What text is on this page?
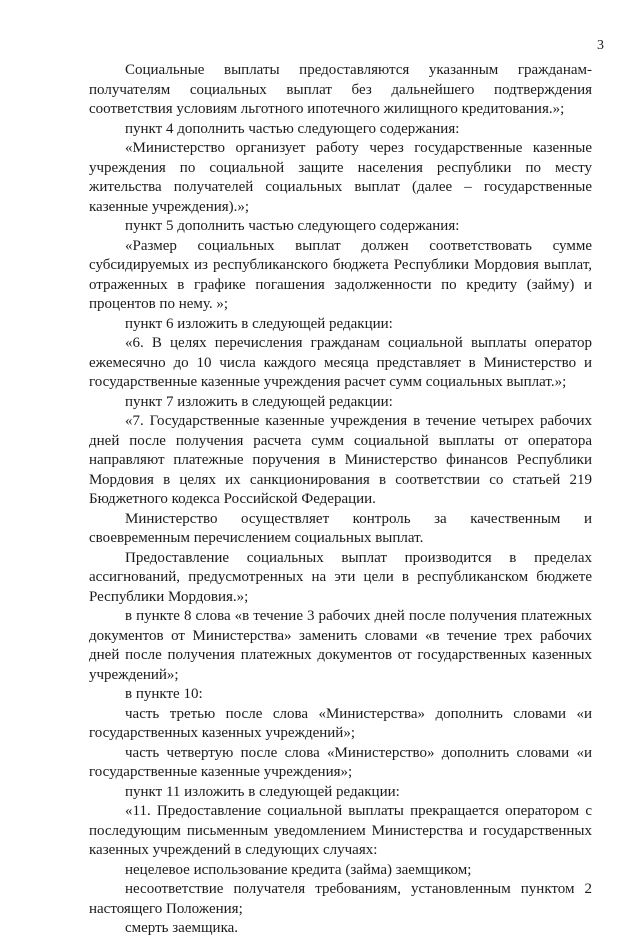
3

Социальные выплаты предоставляются указанным гражданам-получателям социальных выплат без дальнейшего подтверждения соответствия условиям льготного ипотечного жилищного кредитования.»;

пункт 4 дополнить частью следующего содержания:

«Министерство организует работу через государственные казенные учреждения по социальной защите населения республики по месту жительства получателей социальных выплат (далее – государственные казенные учреждения).»;

пункт 5 дополнить частью следующего содержания:

«Размер социальных выплат должен соответствовать сумме субсидируемых из республиканского бюджета Республики Мордовия выплат, отраженных в графике погашения задолженности по кредиту (займу) и процентов по нему. »;

пункт 6 изложить в следующей редакции:

«6. В целях перечисления гражданам социальной выплаты оператор ежемесячно до 10 числа каждого месяца представляет в Министерство и государственные казенные учреждения расчет сумм социальных выплат.»;

пункт 7 изложить в следующей редакции:

«7. Государственные казенные учреждения в течение четырех рабочих дней после получения расчета сумм социальной выплаты от оператора направляют платежные поручения в Министерство финансов Республики Мордовия в целях их санкционирования в соответствии со статьей 219 Бюджетного кодекса Российской Федерации.

Министерство осуществляет контроль за качественным и своевременным перечислением социальных выплат.

Предоставление социальных выплат производится в пределах ассигнований, предусмотренных на эти цели в республиканском бюджете Республики Мордовия.»;

в пункте 8 слова «в течение 3 рабочих дней после получения платежных документов от Министерства» заменить словами «в течение трех рабочих дней после получения платежных документов от государственных казенных учреждений»;

в пункте 10:

часть третью после слова «Министерства» дополнить словами «и государственных казенных учреждений»;

часть четвертую после слова «Министерство» дополнить словами «и государственные казенные учреждения»;

пункт 11 изложить в следующей редакции:

«11. Предоставление социальной выплаты прекращается оператором с последующим письменным уведомлением Министерства и государственных казенных учреждений в следующих случаях:

нецелевое использование кредита (займа) заемщиком;

несоответствие получателя требованиям, установленным пунктом 2 настоящего Положения;

смерть заемщика.
